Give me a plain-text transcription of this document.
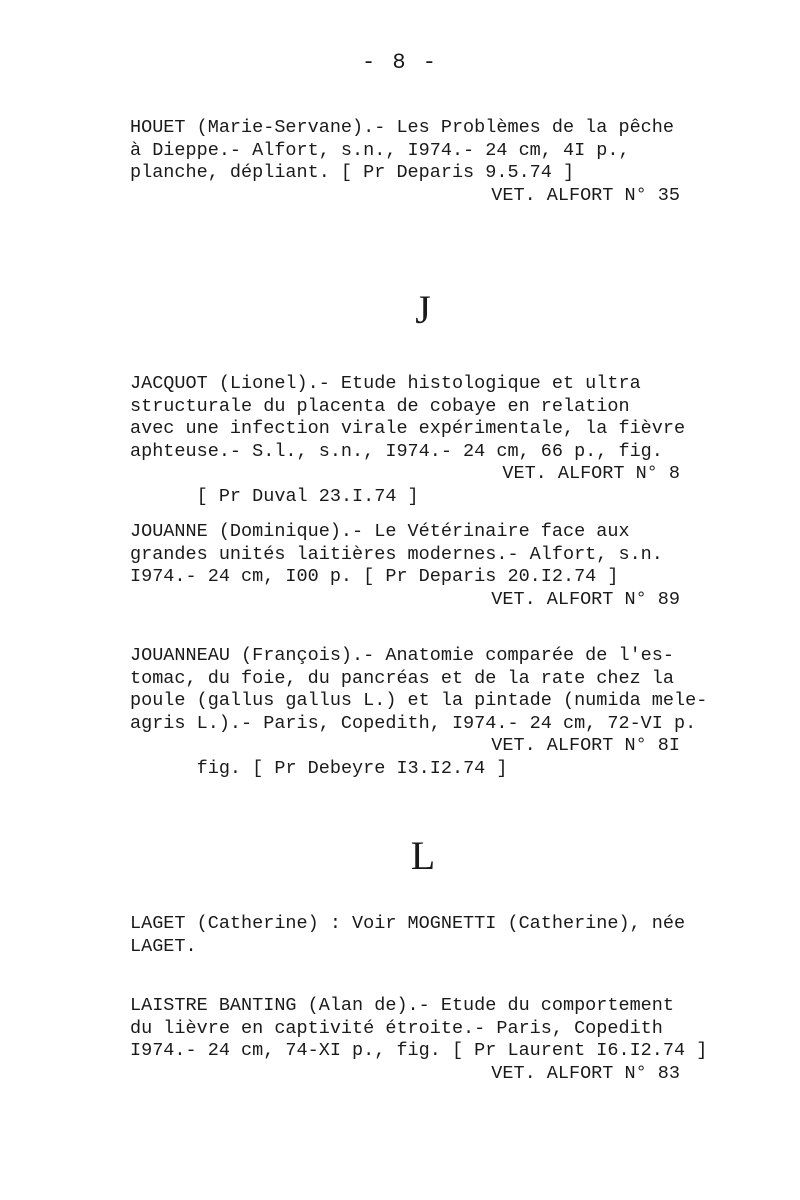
- 8 -
HOUET (Marie-Servane).- Les Problèmes de la pêche
à Dieppe.- Alfort, s.n., I974.- 24 cm, 4I p.,
planche, dépliant. [ Pr Deparis 9.5.74 ]
VET. ALFORT N° 35
J
JACQUOT (Lionel).- Etude histologique et ultra
structurale du placenta de cobaye en relation
avec une infection virale expérimentale, la fièvre
aphteuse.- S.l., s.n., I974.- 24 cm, 66 p., fig.

[ Pr Duval 23.I.74 ]

VET. ALFORT N° 8

JOUANNE (Dominique).- Le Vétérinaire face aux
grandes unités laitières modernes.- Alfort, s.n.
I974.- 24 cm, I00 p. [ Pr Deparis 20.I2.74 ]
VET. ALFORT N° 89
JOUANNEAU (François).- Anatomie comparée de l'es-
tomac, du foie, du pancréas et de la rate chez la
poule (gallus gallus L.) et la pintade (numida mele-
agris L.).- Paris, Copedith, I974.- 24 cm, 72-VI p.

fig. [ Pr Debeyre I3.I2.74 ]

VET. ALFORT N° 8I

L
LAGET (Catherine) : Voir MOGNETTI (Catherine), née
LAGET.
LAISTRE BANTING (Alan de).- Etude du comportement
du lièvre en captivité étroite.- Paris, Copedith
I974.- 24 cm, 74-XI p., fig. [ Pr Laurent I6.I2.74 ]
VET. ALFORT N° 83
